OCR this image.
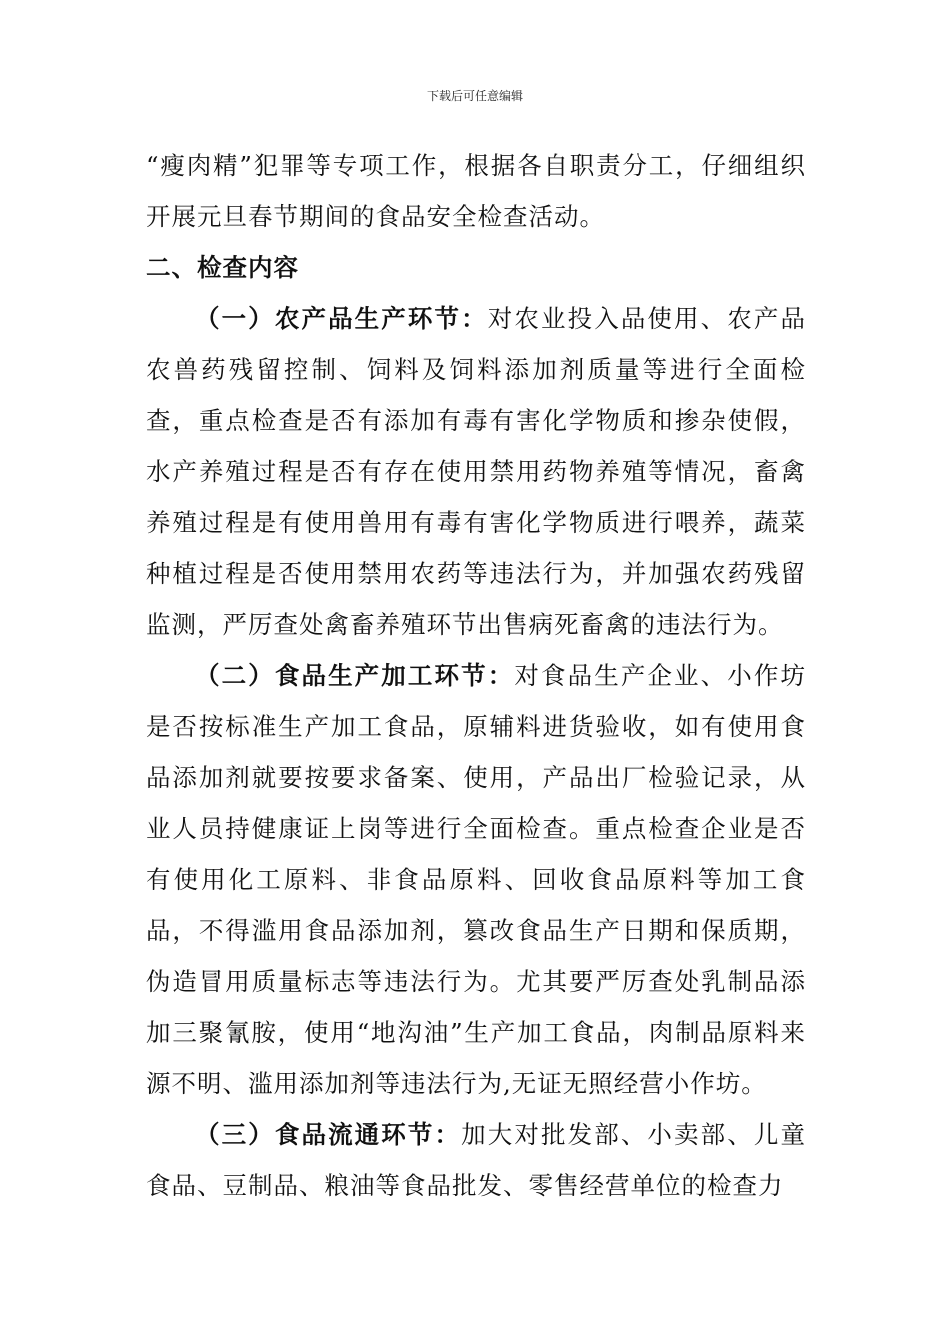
下载后可任意编辑

“瘦肉精”犯罪等专项工作，根据各自职责分工，仔细组织开展元旦春节期间的食品安全检查活动。

二、检查内容

（一）农产品生产环节：对农业投入品使用、农产品农兽药残留控制、饲料及饲料添加剂质量等进行全面检查，重点检查是否有添加有毒有害化学物质和掺杂使假，水产养殖过程是否有存在使用禁用药物养殖等情况，畜禽养殖过程是有使用兽用有毒有害化学物质进行喂养，蔬菜种植过程是否使用禁用农药等违法行为，并加强农药残留监测，严厉查处禽畜养殖环节出售病死畜禽的违法行为。

（二）食品生产加工环节：对食品生产企业、小作坊是否按标准生产加工食品，原辅料进货验收，如有使用食品添加剂就要按要求备案、使用，产品出厂检验记录，从业人员持健康证上岗等进行全面检查。重点检查企业是否有使用化工原料、非食品原料、回收食品原料等加工食品，不得滥用食品添加剂，篡改食品生产日期和保质期，伪造冒用质量标志等违法行为。尤其要严厉查处乳制品添加三聚氰胺，使用“地沟油”生产加工食品，肉制品原料来源不明、滥用添加剂等违法行为,无证无照经营小作坊。

（三）食品流通环节：加大对批发部、小卖部、儿童食品、豆制品、粮油等食品批发、零售经营单位的检查力
